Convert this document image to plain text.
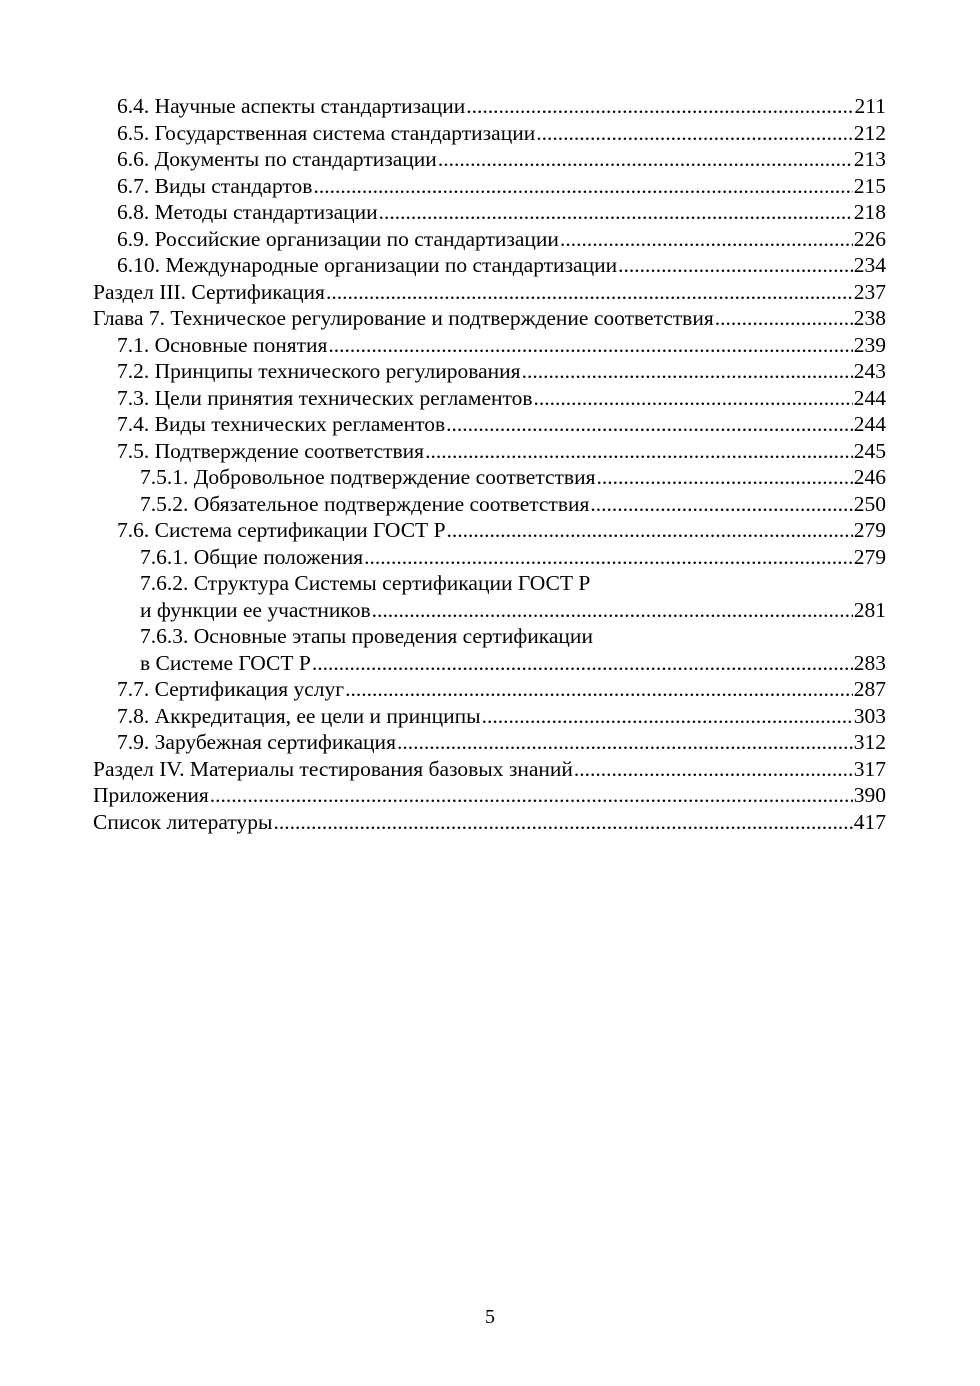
6.4. Научные аспекты стандартизации .....	211
6.5. Государственная система стандартизации .....	212
6.6. Документы по стандартизации .....	213
6.7. Виды стандартов .....	215
6.8. Методы стандартизации .....	218
6.9. Российские организации по стандартизации .....	226
6.10. Международные организации по стандартизации .....	234
Раздел III. Сертификация .....	237
Глава 7. Техническое регулирование и подтверждение соответствия .....	238
7.1. Основные понятия .....	239
7.2. Принципы технического регулирования .....	243
7.3. Цели принятия технических регламентов .....	244
7.4. Виды технических регламентов .....	244
7.5. Подтверждение соответствия .....	245
7.5.1. Добровольное подтверждение соответствия .....	246
7.5.2. Обязательное подтверждение соответствия .....	250
7.6. Система сертификации ГОСТ Р .....	279
7.6.1. Общие положения .....	279
7.6.2. Структура Системы сертификации ГОСТ Р
и функции ее участников .....	281
7.6.3. Основные этапы проведения сертификации
в Системе ГОСТ Р .....	283
7.7. Сертификация услуг .....	287
7.8. Аккредитация, ее цели и принципы .....	303
7.9. Зарубежная сертификация .....	312
Раздел IV. Материалы тестирования базовых знаний .....	317
Приложения .....	390
Список литературы .....	417
5
